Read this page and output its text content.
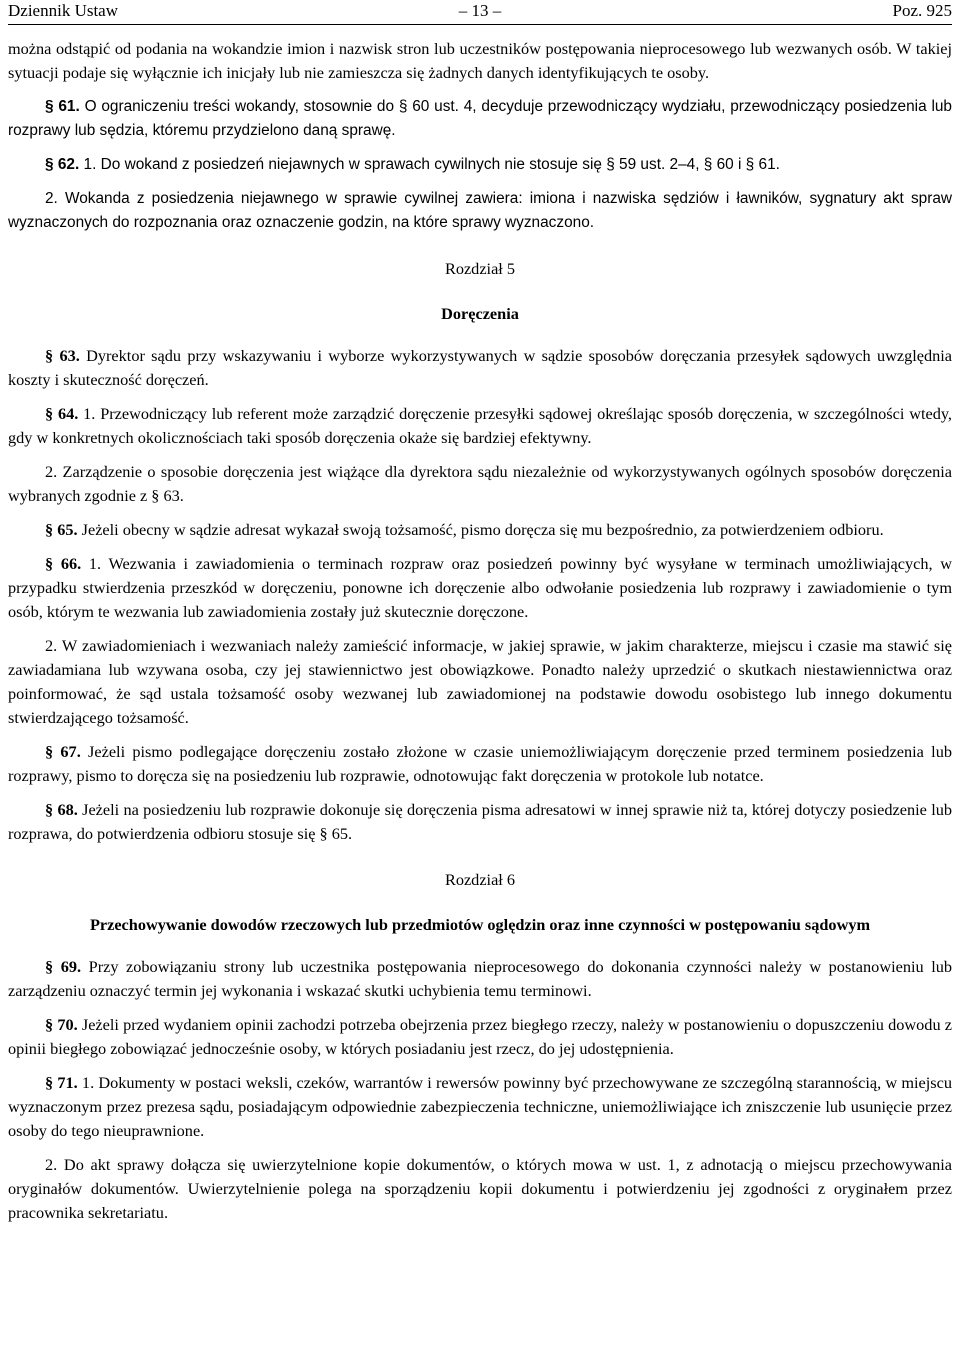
Dziennik Ustaw	– 13 –	Poz. 925

można odstąpić od podania na wokandzie imion i nazwisk stron lub uczestników postępowania nieprocesowego lub wezwanych osób. W takiej sytuacji podaje się wyłącznie ich inicjały lub nie zamieszcza się żadnych danych identyfikujących te osoby.

§ 61. O ograniczeniu treści wokandy, stosownie do § 60 ust. 4, decyduje przewodniczący wydziału, przewodniczący posiedzenia lub rozprawy lub sędzia, któremu przydzielono daną sprawę.

§ 62. 1. Do wokand z posiedzeń niejawnych w sprawach cywilnych nie stosuje się § 59 ust. 2–4, § 60 i § 61.

2. Wokanda z posiedzenia niejawnego w sprawie cywilnej zawiera: imiona i nazwiska sędziów i ławników, sygnatury akt spraw wyznaczonych do rozpoznania oraz oznaczenie godzin, na które sprawy wyznaczono.

Rozdział 5
Doręczenia

§ 63. Dyrektor sądu przy wskazywaniu i wyborze wykorzystywanych w sądzie sposobów doręczania przesyłek sądowych uwzględnia koszty i skuteczność doręczeń.

§ 64. 1. Przewodniczący lub referent może zarządzić doręczenie przesyłki sądowej określając sposób doręczenia, w szczególności wtedy, gdy w konkretnych okolicznościach taki sposób doręczenia okaże się bardziej efektywny.

2. Zarządzenie o sposobie doręczenia jest wiążące dla dyrektora sądu niezależnie od wykorzystywanych ogólnych sposobów doręczenia wybranych zgodnie z § 63.

§ 65. Jeżeli obecny w sądzie adresat wykazał swoją tożsamość, pismo doręcza się mu bezpośrednio, za potwierdzeniem odbioru.

§ 66. 1. Wezwania i zawiadomienia o terminach rozpraw oraz posiedzeń powinny być wysyłane w terminach umożliwiających, w przypadku stwierdzenia przeszkód w doręczeniu, ponowne ich doręczenie albo odwołanie posiedzenia lub rozprawy i zawiadomienie o tym osób, którym te wezwania lub zawiadomienia zostały już skutecznie doręczone.

2. W zawiadomieniach i wezwaniach należy zamieścić informacje, w jakiej sprawie, w jakim charakterze, miejscu i czasie ma stawić się zawiadamiana lub wzywana osoba, czy jej stawiennictwo jest obowiązkowe. Ponadto należy uprzedzić o skutkach niestawiennictwa oraz poinformować, że sąd ustala tożsamość osoby wezwanej lub zawiadomionej na podstawie dowodu osobistego lub innego dokumentu stwierdzającego tożsamość.

§ 67. Jeżeli pismo podlegające doręczeniu zostało złożone w czasie uniemożliwiającym doręczenie przed terminem posiedzenia lub rozprawy, pismo to doręcza się na posiedzeniu lub rozprawie, odnotowując fakt doręczenia w protokole lub notatce.

§ 68. Jeżeli na posiedzeniu lub rozprawie dokonuje się doręczenia pisma adresatowi w innej sprawie niż ta, której dotyczy posiedzenie lub rozprawa, do potwierdzenia odbioru stosuje się § 65.

Rozdział 6
Przechowywanie dowodów rzeczowych lub przedmiotów oględzin oraz inne czynności w postępowaniu sądowym

§ 69. Przy zobowiązaniu strony lub uczestnika postępowania nieprocesowego do dokonania czynności należy w postanowieniu lub zarządzeniu oznaczyć termin jej wykonania i wskazać skutki uchybienia temu terminowi.

§ 70. Jeżeli przed wydaniem opinii zachodzi potrzeba obejrzenia przez biegłego rzeczy, należy w postanowieniu o dopuszczeniu dowodu z opinii biegłego zobowiązać jednocześnie osoby, w których posiadaniu jest rzecz, do jej udostępnienia.

§ 71. 1. Dokumenty w postaci weksli, czeków, warrantów i rewersów powinny być przechowywane ze szczególną starannością, w miejscu wyznaczonym przez prezesa sądu, posiadającym odpowiednie zabezpieczenia techniczne, uniemożliwiające ich zniszczenie lub usunięcie przez osoby do tego nieuprawnione.

2. Do akt sprawy dołącza się uwierzytelnione kopie dokumentów, o których mowa w ust. 1, z adnotacją o miejscu przechowywania oryginałów dokumentów. Uwierzytelnienie polega na sporządzeniu kopii dokumentu i potwierdzeniu jej zgodności z oryginałem przez pracownika sekretariatu.
